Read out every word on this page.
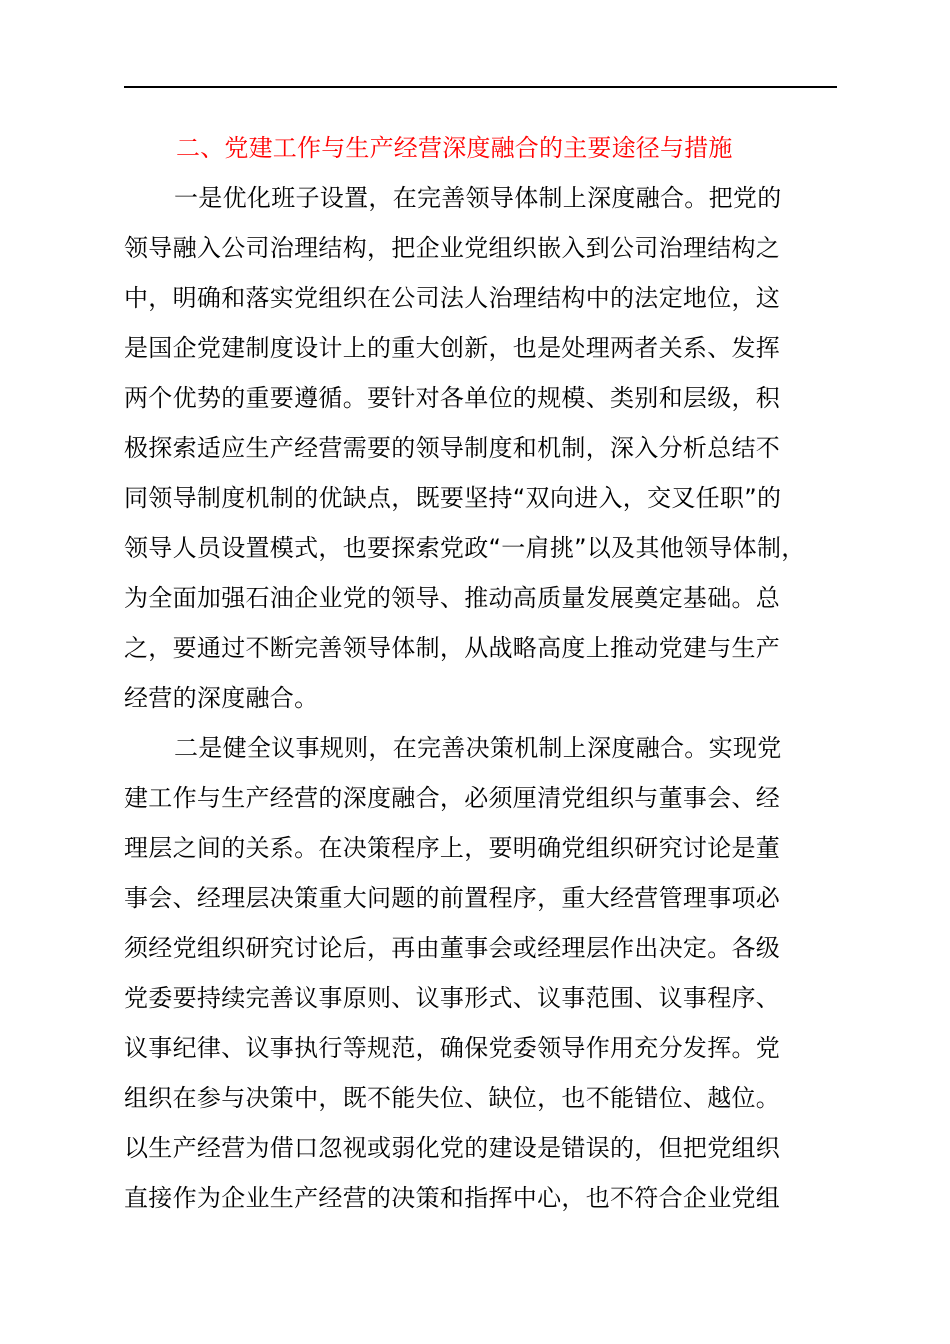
二、党建工作与生产经营深度融合的主要途径与措施
一是优化班子设置，在完善领导体制上深度融合。把党的
领导融入公司治理结构，把企业党组织嵌入到公司治理结构之
中，明确和落实党组织在公司法人治理结构中的法定地位，这
是国企党建制度设计上的重大创新，也是处理两者关系、发挥
两个优势的重要遵循。要针对各单位的规模、类别和层级，积
极探索适应生产经营需要的领导制度和机制，深入分析总结不
同领导制度机制的优缺点，既要坚持“双向进入，交叉任职”的
领导人员设置模式，也要探索党政“一肩挑”以及其他领导体制，
为全面加强石油企业党的领导、推动高质量发展奠定基础。总
之，要通过不断完善领导体制，从战略高度上推动党建与生产
经营的深度融合。
二是健全议事规则，在完善决策机制上深度融合。实现党
建工作与生产经营的深度融合，必须厘清党组织与董事会、经
理层之间的关系。在决策程序上，要明确党组织研究讨论是董
事会、经理层决策重大问题的前置程序，重大经营管理事项必
须经党组织研究讨论后，再由董事会或经理层作出决定。各级
党委要持续完善议事原则、议事形式、议事范围、议事程序、
议事纪律、议事执行等规范，确保党委领导作用充分发挥。党
组织在参与决策中，既不能失位、缺位，也不能错位、越位。
以生产经营为借口忽视或弱化党的建设是错误的，但把党组织
直接作为企业生产经营的决策和指挥中心，也不符合企业党组
